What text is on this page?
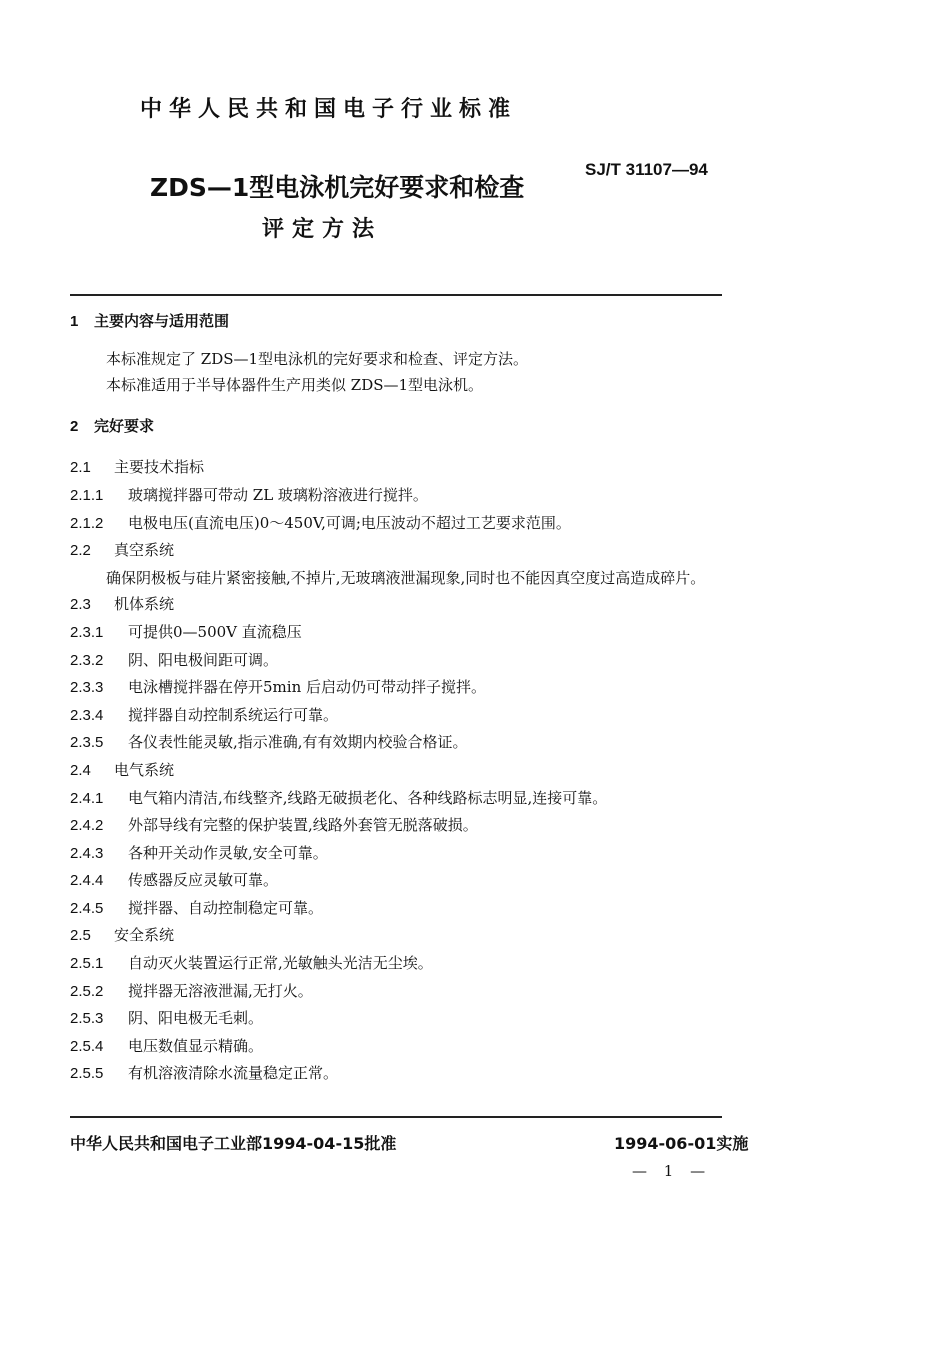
中华人民共和国电子行业标准
SJ/T 31107—94
ZDS—1型电泳机完好要求和检查
评定方法
1 主要内容与适用范围
本标准规定了 ZDS—1型电泳机的完好要求和检查、评定方法。
本标准适用于半导体器件生产用类似 ZDS—1型电泳机。
2 完好要求
2.1 主要技术指标
2.1.1 玻璃搅拌器可带动 ZL 玻璃粉溶液进行搅拌。
2.1.2 电极电压(直流电压)0～450V,可调;电压波动不超过工艺要求范围。
2.2 真空系统
确保阴极板与硅片紧密接触,不掉片,无玻璃液泄漏现象,同时也不能因真空度过高造成碎片。
2.3 机体系统
2.3.1 可提供0—500V 直流稳压
2.3.2 阴、阳电极间距可调。
2.3.3 电泳槽搅拌器在停开5min 后启动仍可带动拌子搅拌。
2.3.4 搅拌器自动控制系统运行可靠。
2.3.5 各仪表性能灵敏,指示准确,有有效期内校验合格证。
2.4 电气系统
2.4.1 电气箱内清洁,布线整齐,线路无破损老化、各种线路标志明显,连接可靠。
2.4.2 外部导线有完整的保护装置,线路外套管无脱落破损。
2.4.3 各种开关动作灵敏,安全可靠。
2.4.4 传感器反应灵敏可靠。
2.4.5 搅拌器、自动控制稳定可靠。
2.5 安全系统
2.5.1 自动灭火装置运行正常,光敏触头光洁无尘埃。
2.5.2 搅拌器无溶液泄漏,无打火。
2.5.3 阴、阳电极无毛刺。
2.5.4 电压数值显示精确。
2.5.5 有机溶液清除水流量稳定正常。
中华人民共和国电子工业部1994-04-15批准	1994-06-01实施
— 1 —
